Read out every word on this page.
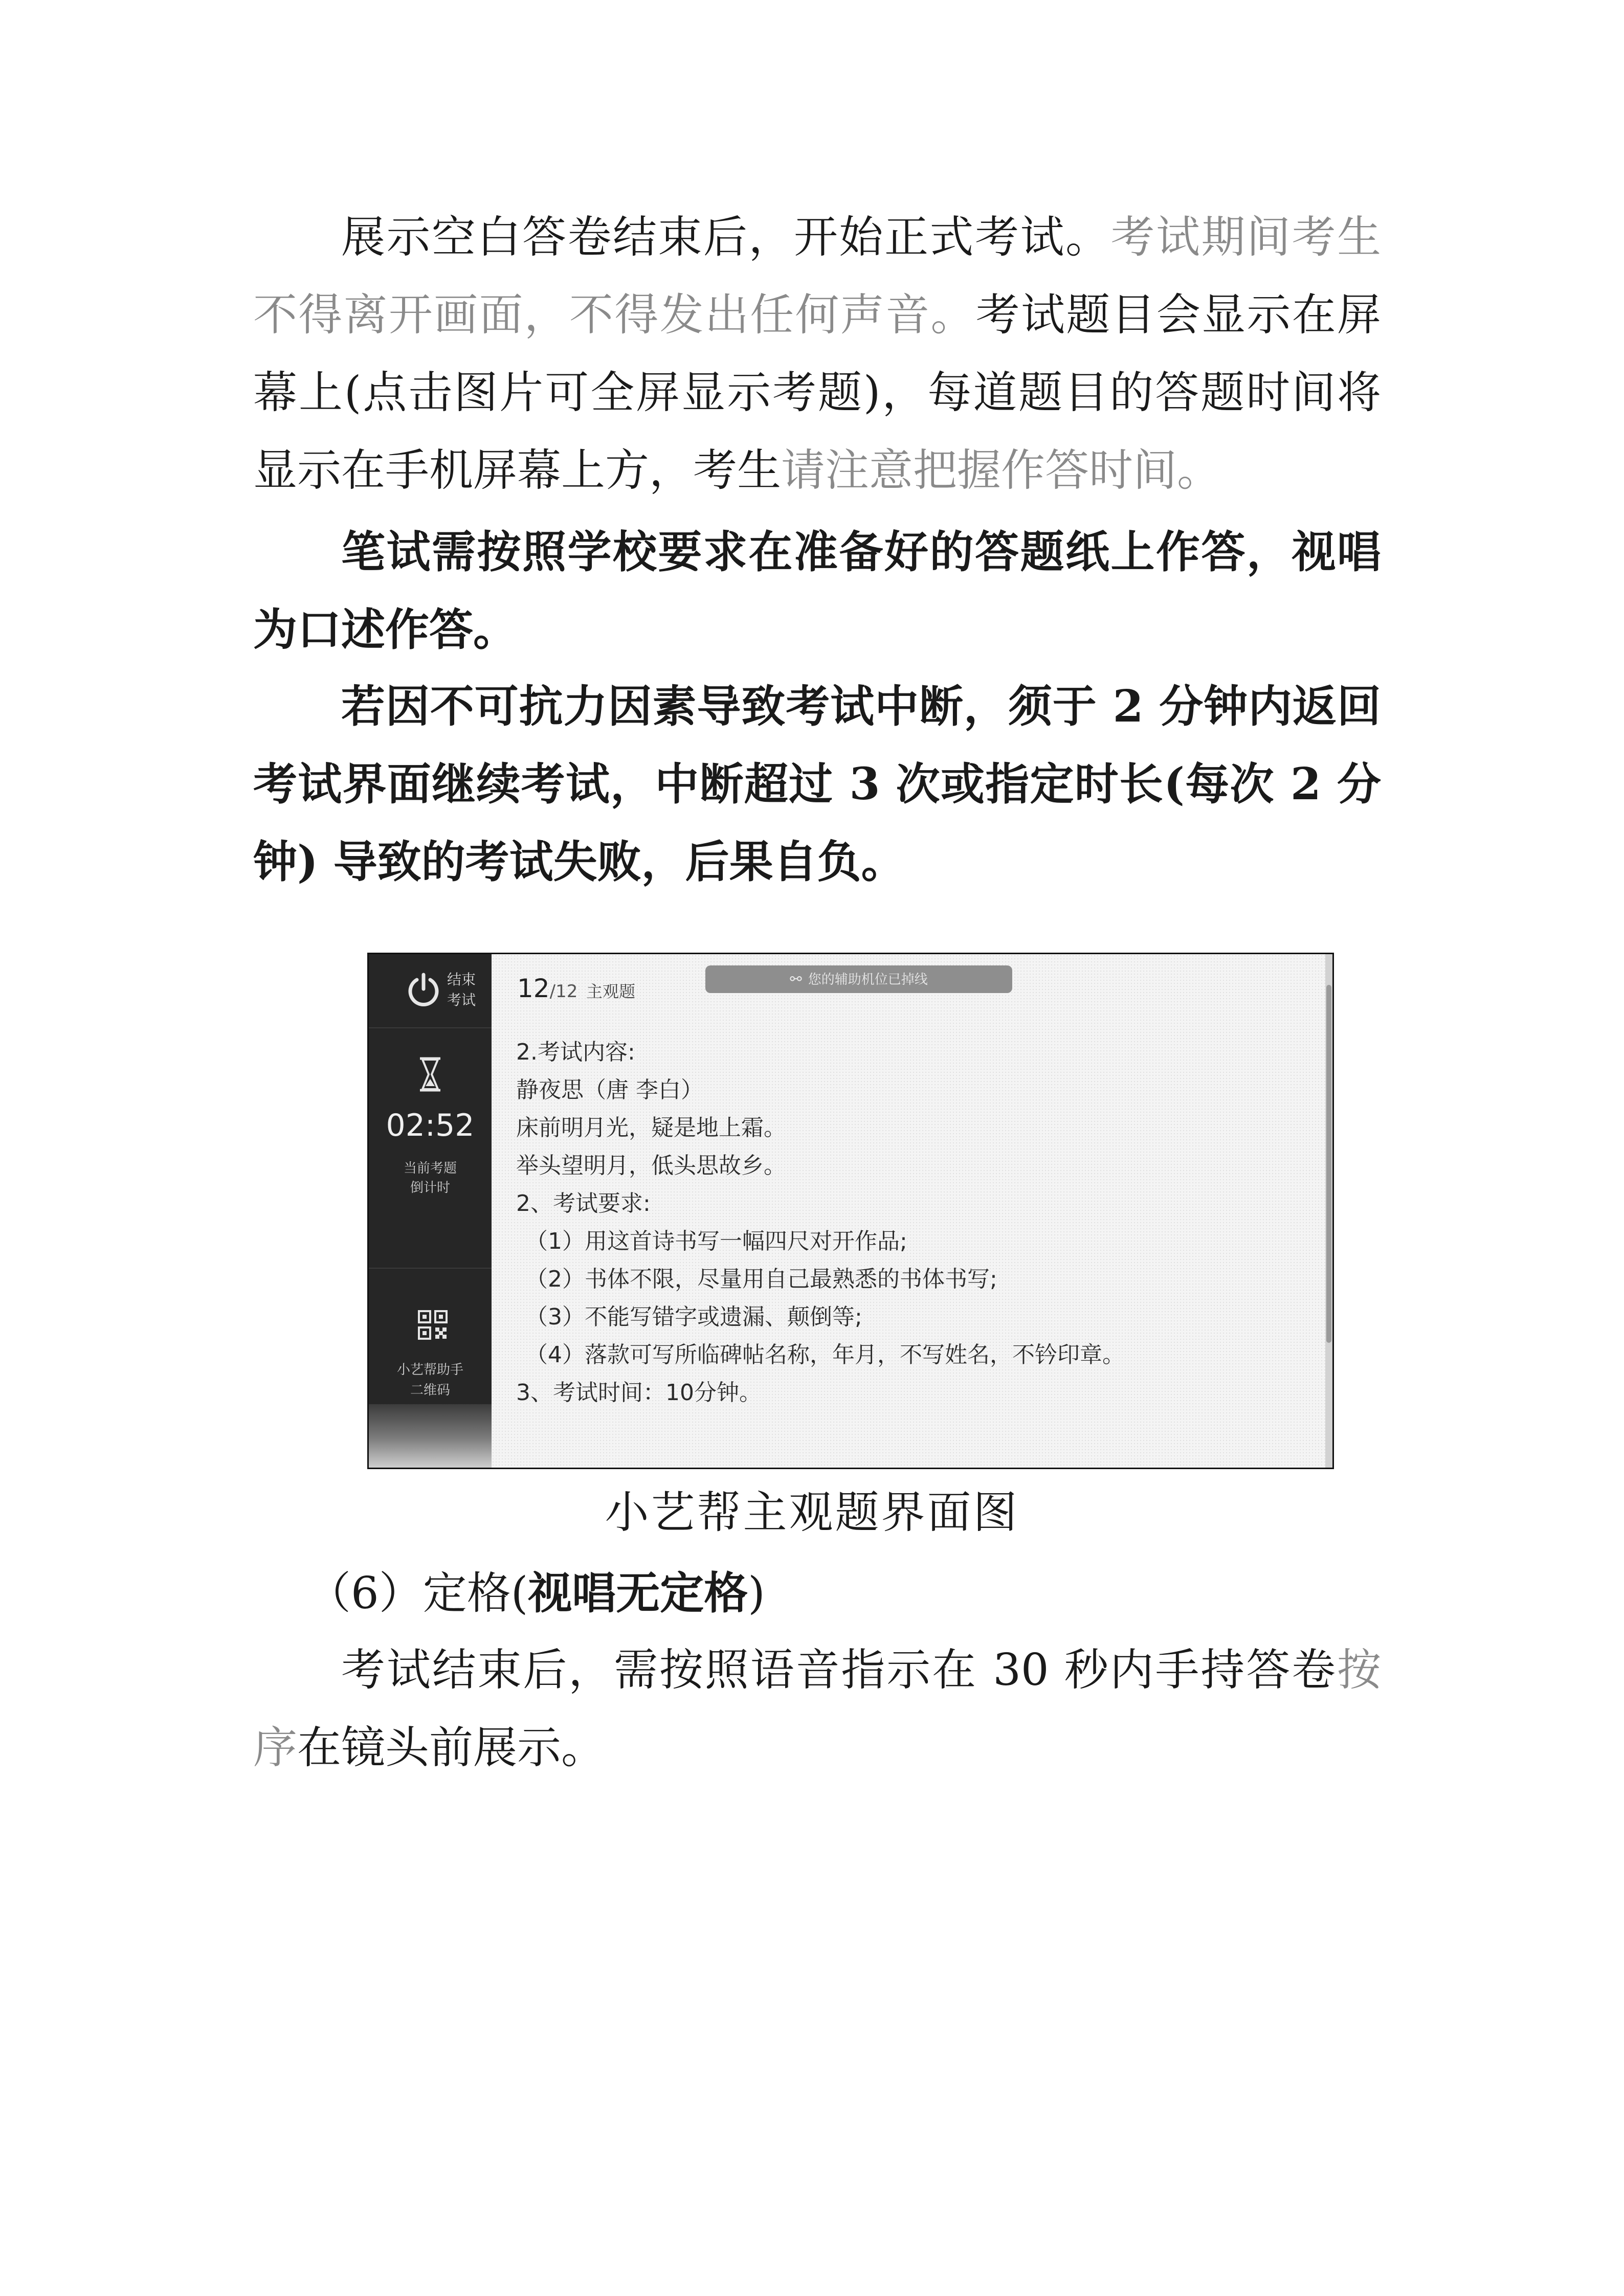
展示空白答卷结束后，开始正式考试。考试期间考生不得离开画面，不得发出任何声音。考试题目会显示在屏幕上(点击图片可全屏显示考题)，每道题目的答题时间将显示在手机屏幕上方，考生请注意把握作答时间。

笔试需按照学校要求在准备好的答题纸上作答，视唱为口述作答。

若因不可抗力因素导致考试中断，须于 2 分钟内返回考试界面继续考试，中断超过 3 次或指定时长(每次 2 分钟) 导致的考试失败，后果自负。

结束
考试
02:52
当前考题
倒计时
小艺帮助手
二维码
12/12 主观题
⚯ 您的辅助机位已掉线
2.考试内容:
静夜思（唐 李白）
床前明月光，疑是地上霜。
举头望明月，低头思故乡。
2、考试要求:
（1）用这首诗书写一幅四尺对开作品;
（2）书体不限，尽量用自己最熟悉的书体书写;
（3）不能写错字或遗漏、颠倒等;
（4）落款可写所临碑帖名称，年月，不写姓名，不钤印章。
3、考试时间：10分钟。
小艺帮主观题界面图

（6）定格(视唱无定格)

考试结束后，需按照语音指示在 30 秒内手持答卷按序在镜头前展示。
